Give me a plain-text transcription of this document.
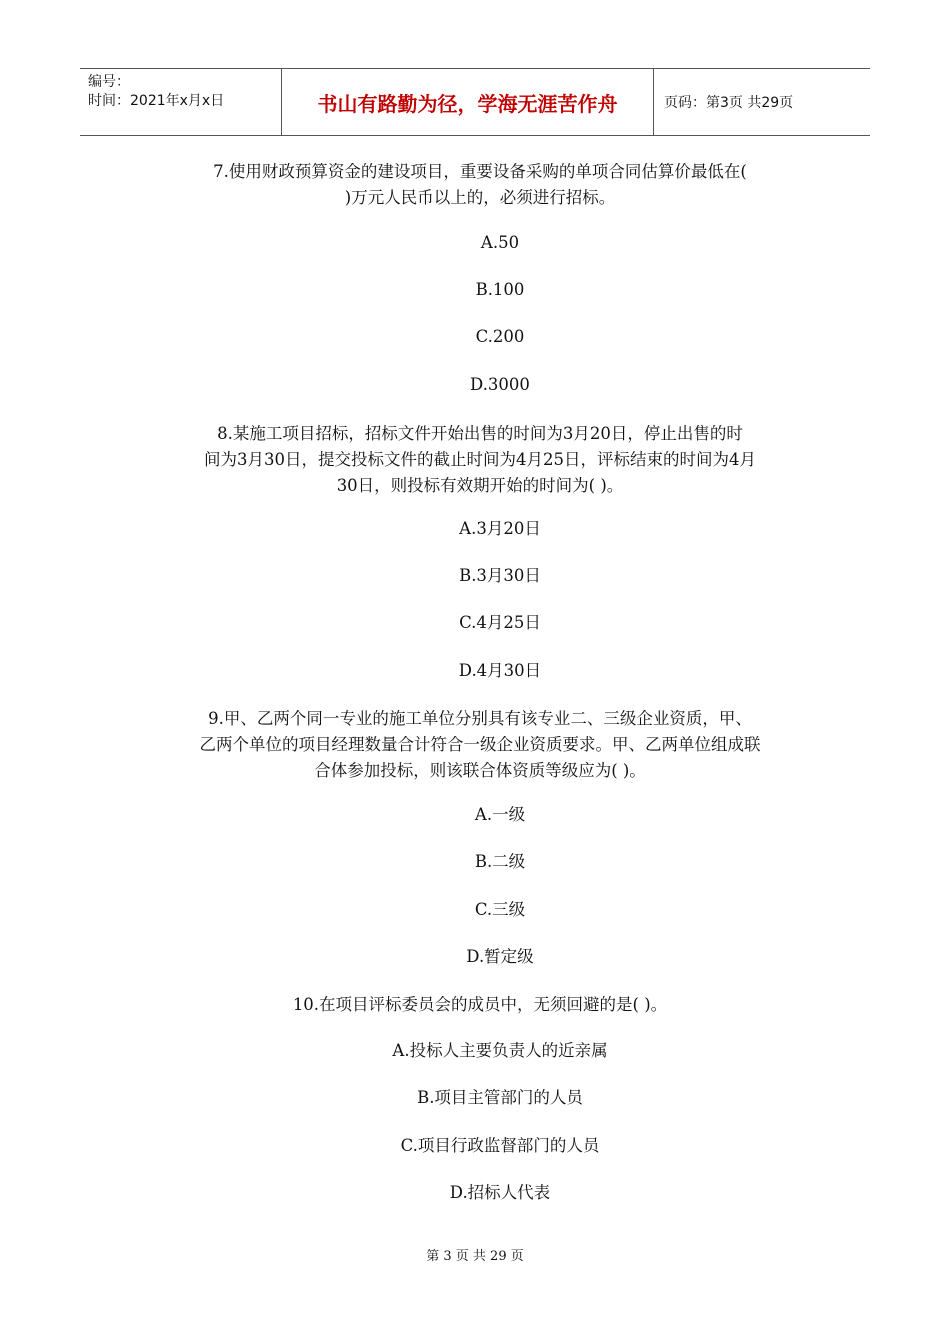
编号：
时间：2021年x月x日	书山有路勤为径，学海无涯苦作舟	页码：第3页 共29页
7.使用财政预算资金的建设项目，重要设备采购的单项合同估算价最低在(
)万元人民币以上的，必须进行招标。
A.50
B.100
C.200
D.3000
8.某施工项目招标，招标文件开始出售的时间为3月20日，停止出售的时
间为3月30日，提交投标文件的截止时间为4月25日，评标结束的时间为4月
30日，则投标有效期开始的时间为( )。
A.3月20日
B.3月30日
C.4月25日
D.4月30日
9.甲、乙两个同一专业的施工单位分别具有该专业二、三级企业资质，甲、
乙两个单位的项目经理数量合计符合一级企业资质要求。甲、乙两单位组成联
合体参加投标，则该联合体资质等级应为( )。
A.一级
B.二级
C.三级
D.暂定级
10.在项目评标委员会的成员中，无须回避的是( )。
A.投标人主要负责人的近亲属
B.项目主管部门的人员
C.项目行政监督部门的人员
D.招标人代表
第 3 页 共 29 页
